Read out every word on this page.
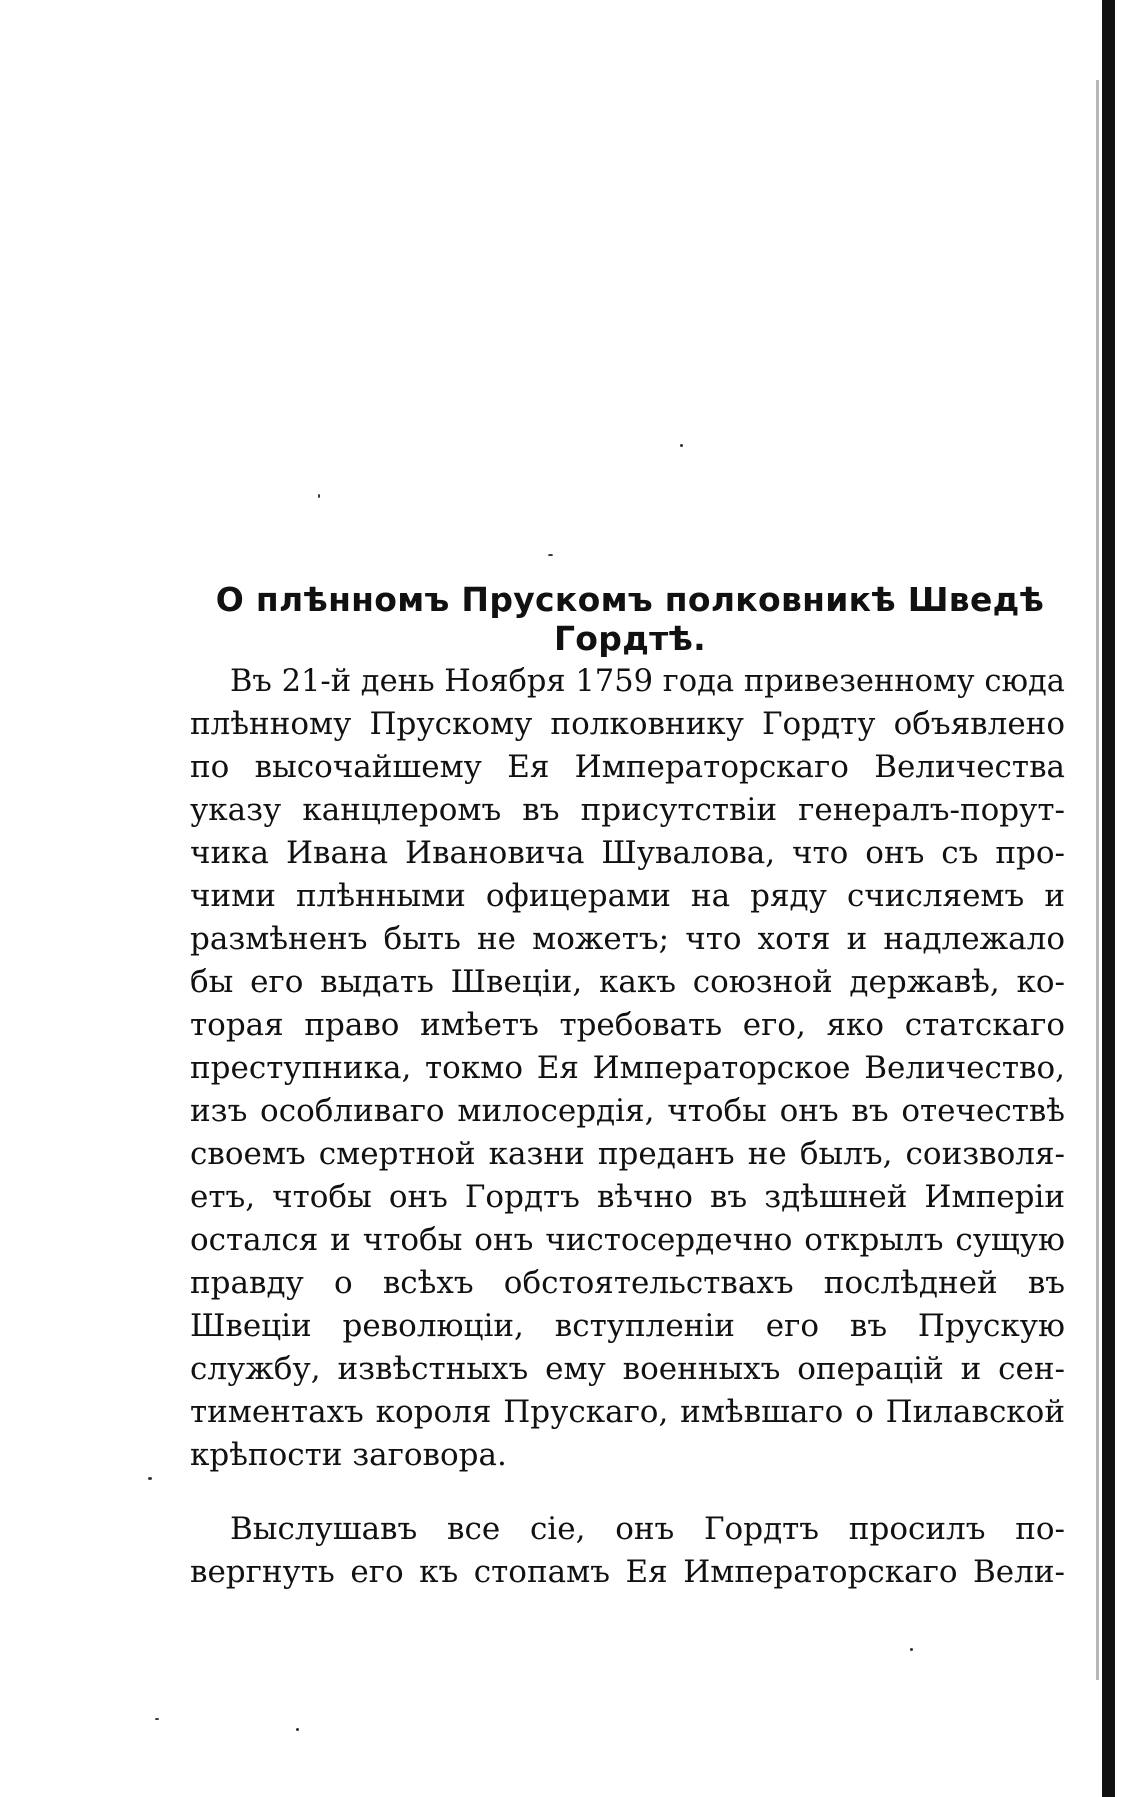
О плѣнномъ Прускомъ полковникѣ Шведѣ Гордтѣ.
Въ 21-й день Ноября 1759 года привезенному сюда
плѣнному Прускому полковнику Гордту объявлено
по высочайшему Ея Императорскаго Величества
указу канцлеромъ въ присутствіи генералъ-порут-
чика Ивана Ивановича Шувалова, что онъ съ про-
чими плѣнными офицерами на ряду счисляемъ и
размѣненъ быть не можетъ; что хотя и надлежало
бы его выдать Швеціи, какъ союзной державѣ, ко-
торая право имѣетъ требовать его, яко статскаго
преступника, токмо Ея Императорское Величество,
изъ особливаго милосердія, чтобы онъ въ отечествѣ
своемъ смертной казни преданъ не былъ, соизволя-
етъ, чтобы онъ Гордтъ вѣчно въ здѣшней Имперіи
остался и чтобы онъ чистосердечно открылъ сущую
правду о всѣхъ обстоятельствахъ послѣдней въ
Швеціи революціи, вступленіи его въ Прускую
службу, извѣстныхъ ему военныхъ операцій и сен-
тиментахъ короля Прускаго, имѣвшаго о Пилавской
крѣпости заговора.
Выслушавъ все сіе, онъ Гордтъ просилъ по-
вергнуть его къ стопамъ Ея Императорскаго Вели-
